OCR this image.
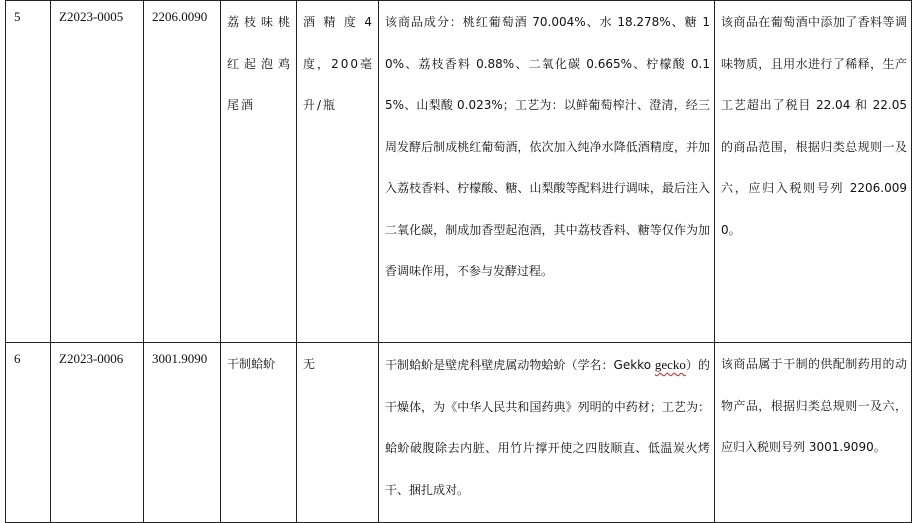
5	Z2023-0005	2206.0090	荔枝味桃红起泡鸡尾酒	酒精度4度，200毫升/瓶	该商品成分：桃红葡萄酒 70.004%、水 18.278%、糖 10%、荔枝香料 0.88%、二氧化碳 0.665%、柠檬酸 0.15%、山梨酸 0.023%；工艺为：以鲜葡萄榨汁、澄清，经三周发酵后制成桃红葡萄酒，依次加入纯净水降低酒精度，并加入荔枝香料、柠檬酸、糖、山梨酸等配料进行调味，最后注入二氧化碳，制成加香型起泡酒，其中荔枝香料、糖等仅作为加香调味作用，不参与发酵过程。	该商品在葡萄酒中添加了香料等调味物质，且用水进行了稀释，生产工艺超出了税目 22.04 和 22.05 的商品范围，根据归类总规则一及六，应归入税则号列 2206.0090。
6	Z2023-0006	3001.9090	干制蛤蚧	无	干制蛤蚧是壁虎科壁虎属动物蛤蚧（学名：Gekko gecko）的干燥体，为《中华人民共和国药典》列明的中药材；工艺为：蛤蚧破腹除去内脏、用竹片撑开使之四肢顺直、低温炭火烤干、捆扎成对。	该商品属于干制的供配制药用的动物产品，根据归类总规则一及六，应归入税则号列 3001.9090。
